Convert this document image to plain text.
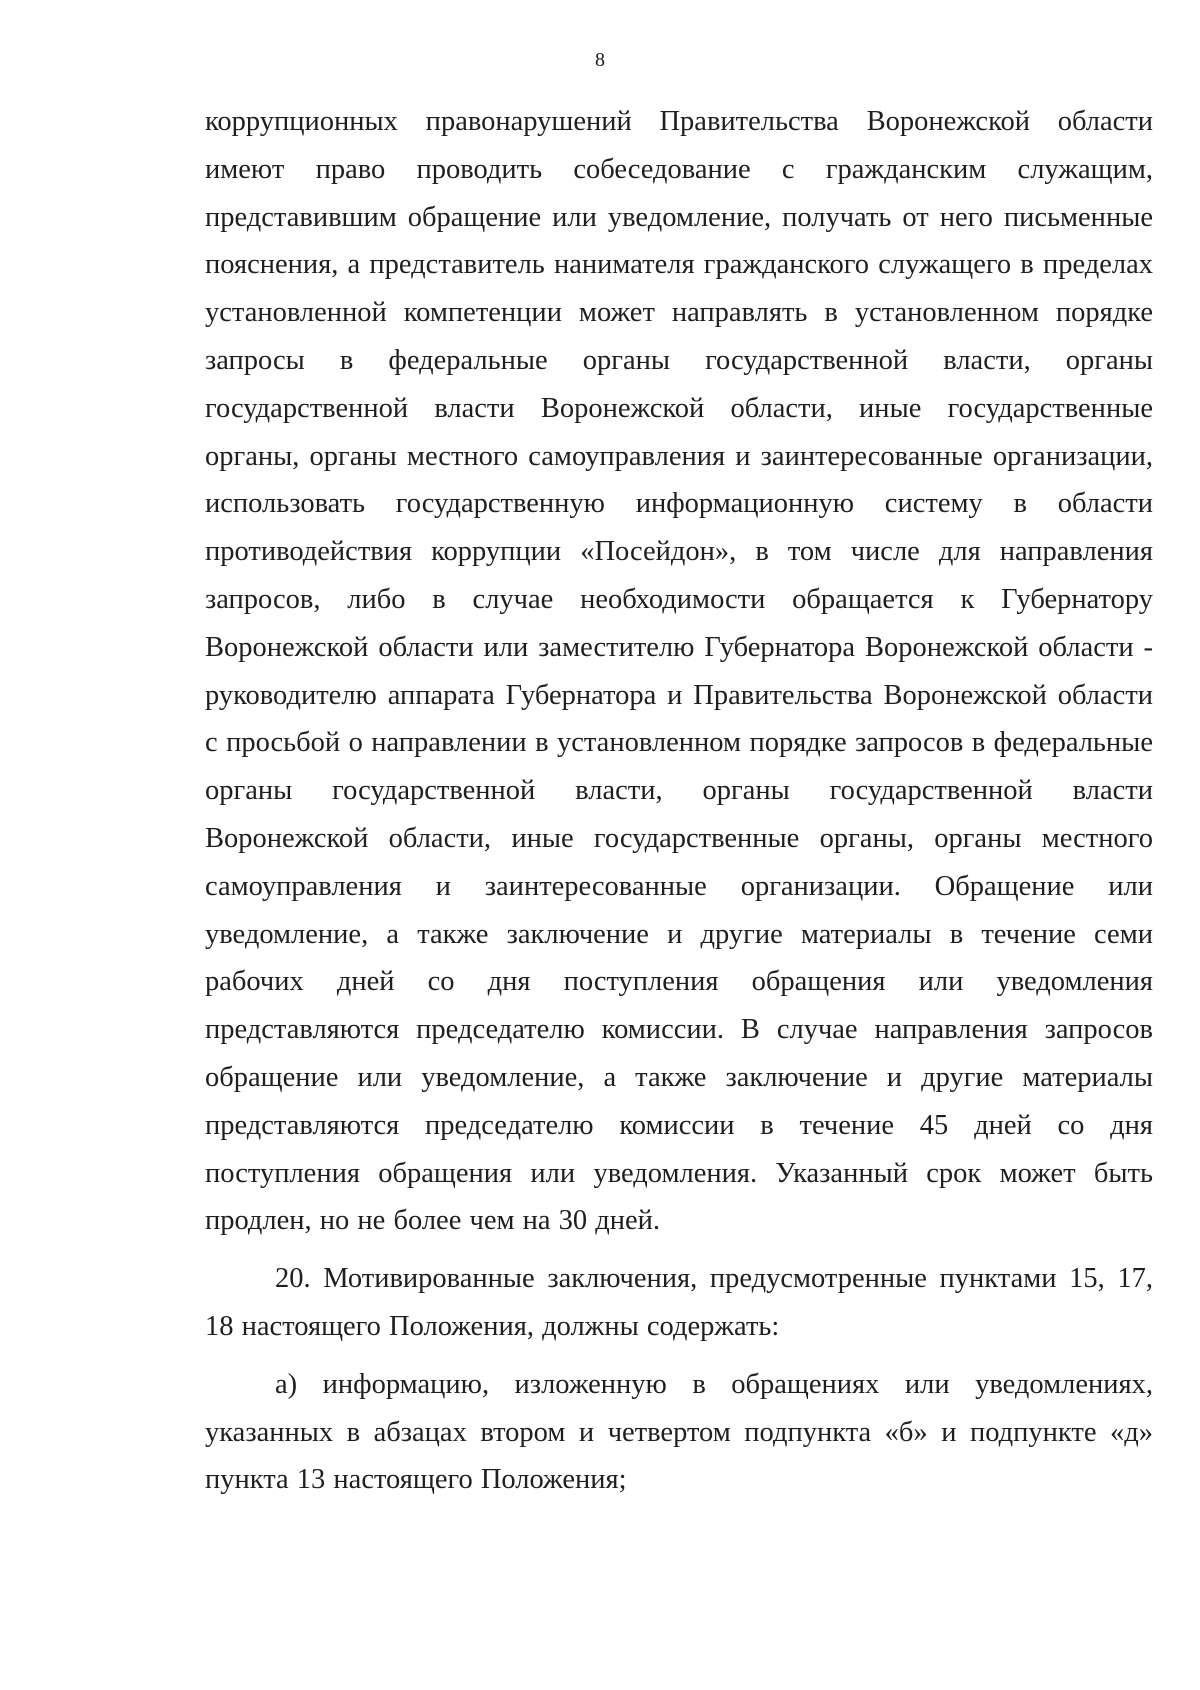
8

коррупционных правонарушений Правительства Воронежской области имеют право проводить собеседование с гражданским служащим, представившим обращение или уведомление, получать от него письменные пояснения, а представитель нанимателя гражданского служащего в пределах установленной компетенции может направлять в установленном порядке запросы в федеральные органы государственной власти, органы государственной власти Воронежской области, иные государственные органы, органы местного самоуправления и заинтересованные организации, использовать государственную информационную систему в области противодействия коррупции «Посейдон», в том числе для направления запросов, либо в случае необходимости обращается к Губернатору Воронежской области или заместителю Губернатора Воронежской области - руководителю аппарата Губернатора и Правительства Воронежской области с просьбой о направлении в установленном порядке запросов в федеральные органы государственной власти, органы государственной власти Воронежской области, иные государственные органы, органы местного самоуправления и заинтересованные организации. Обращение или уведомление, а также заключение и другие материалы в течение семи рабочих дней со дня поступления обращения или уведомления представляются председателю комиссии. В случае направления запросов обращение или уведомление, а также заключение и другие материалы представляются председателю комиссии в течение 45 дней со дня поступления обращения или уведомления. Указанный срок может быть продлен, но не более чем на 30 дней.

20. Мотивированные заключения, предусмотренные пунктами 15, 17, 18 настоящего Положения, должны содержать:

а) информацию, изложенную в обращениях или уведомлениях, указанных в абзацах втором и четвертом подпункта «б» и подпункте «д» пункта 13 настоящего Положения;
